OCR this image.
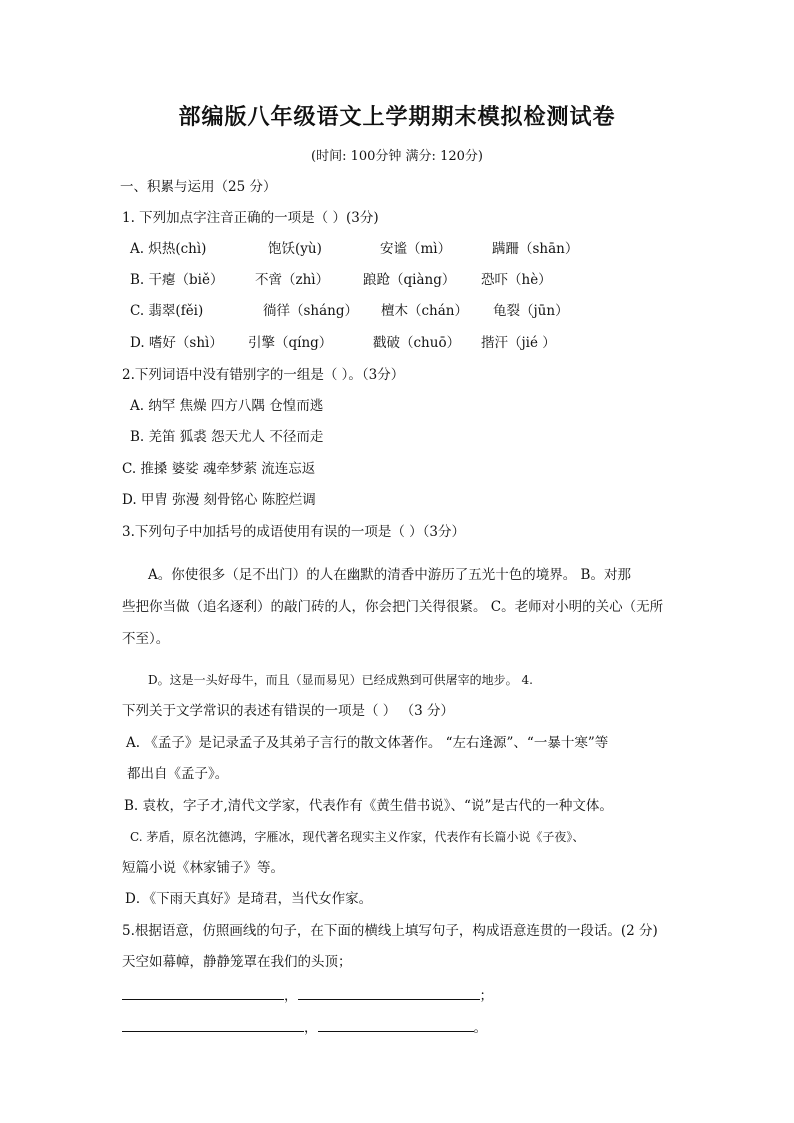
部编版八年级语文上学期期末模拟检测试卷
(时间: 100分钟 满分: 120分)
一、积累与运用（25 分）
1. 下列加点字注音正确的一项是（ ）(3分)
A. 炽热(chì)	饱饫(yù)	安谧（mì）	蹒跚（shān）
B. 干瘪（biě） 不啻（zhì）	踉跄（qiàng） 恐吓（hè）
C. 翡翠(fěi)	徜徉（sháng） 檀木（chán） 龟裂（jūn）
D. 嗜好（shì） 引擎（qíng）	戳破（chuō） 揩汗（jié ）
2.下列词语中没有错别字的一组是（ ）。（3分）
A. 纳罕 焦燥 四方八隅 仓惶而逃
B. 羌笛 狐裘 怨天尤人 不径而走
C. 推搡 婆娑 魂牵梦萦 流连忘返
D. 甲胄 弥漫 刻骨铭心 陈腔烂调
3.下列句子中加括号的成语使用有误的一项是（ ）（3分）
A。你使很多（足不出门）的人在幽默的清香中游历了五光十色的境界。 B。对那
些把你当做（追名逐利）的敲门砖的人，你会把门关得很紧。 C。老师对小明的关心（无所
不至）。
D。这是一头好母牛，而且（显而易见）已经成熟到可供屠宰的地步。 4.
下列关于文学常识的表述有错误的一项是（ ） （3 分）
A. 《孟子》是记录孟子及其弟子言行的散文体著作。 “左右逢源”、“一暴十寒”等
都出自《孟子》。
B. 袁枚，字子才,清代文学家，代表作有《黄生借书说》、“说”是古代的一种文体。
C. 茅盾，原名沈德鸿，字雁冰，现代著名现实主义作家，代表作有长篇小说《子夜》、
短篇小说《林家铺子》等。
D．《下雨天真好》是琦君，当代女作家。
5.根据语意，仿照画线的句子，在下面的横线上填写句子，构成语意连贯的一段话。(2 分)
天空如幕幛，静静笼罩在我们的头顶；
，	；
，	。
